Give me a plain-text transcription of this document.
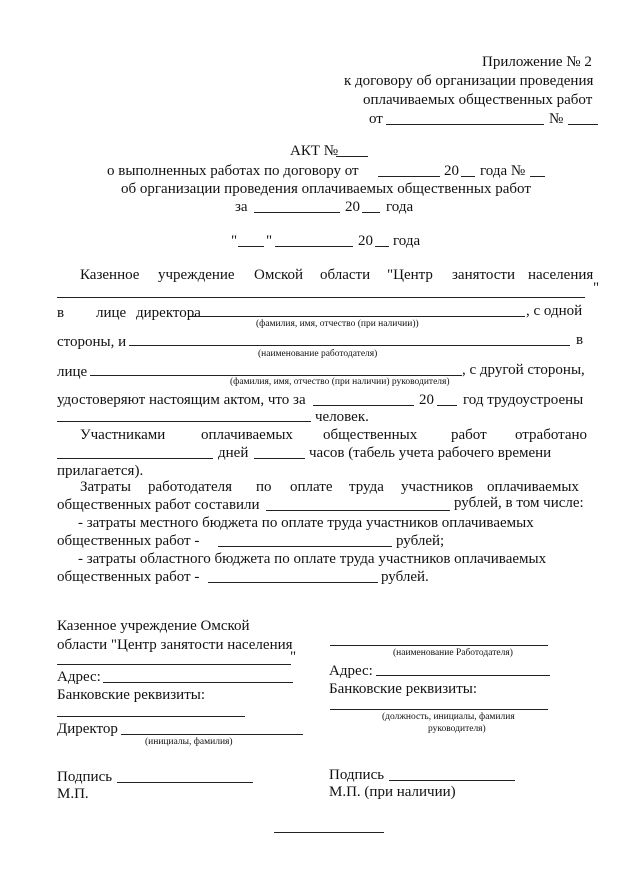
Приложение № 2
к договору об организации проведения
оплачиваемых общественных работ
от	№
АКТ №
о выполненных работах по договору от	20 года №
об организации проведения оплачиваемых общественных работ
за	20 года
" "	20 года
Казенное учреждение Омской области "Центр занятости населения
"
в лице директора	, с одной
(фамилия, имя, отчество (при наличии))
стороны, и	в
(наименование работодателя)
лице	, с другой стороны,
(фамилия, имя, отчество (при наличии) руководителя)
удостоверяют настоящим актом, что за	20 год трудоустроены
человек.
Участниками оплачиваемых общественных работ отработано
дней	часов (табель учета рабочего времени
прилагается).
Затраты работодателя по оплате труда участников оплачиваемых
общественных работ составили	рублей, в том числе:
- затраты местного бюджета по оплате труда участников оплачиваемых
общественных работ -	рублей;
- затраты областного бюджета по оплате труда участников оплачиваемых
общественных работ -	рублей.
Казенное учреждение Омской
области "Центр занятости населения
"
Адрес:
Банковские реквизиты:
Директор
(инициалы, фамилия)
Подпись
М.П.
(наименование Работодателя)
Адрес:
Банковские реквизиты:
(должность, инициалы, фамилия
руководителя)
Подпись
М.П. (при наличии)
